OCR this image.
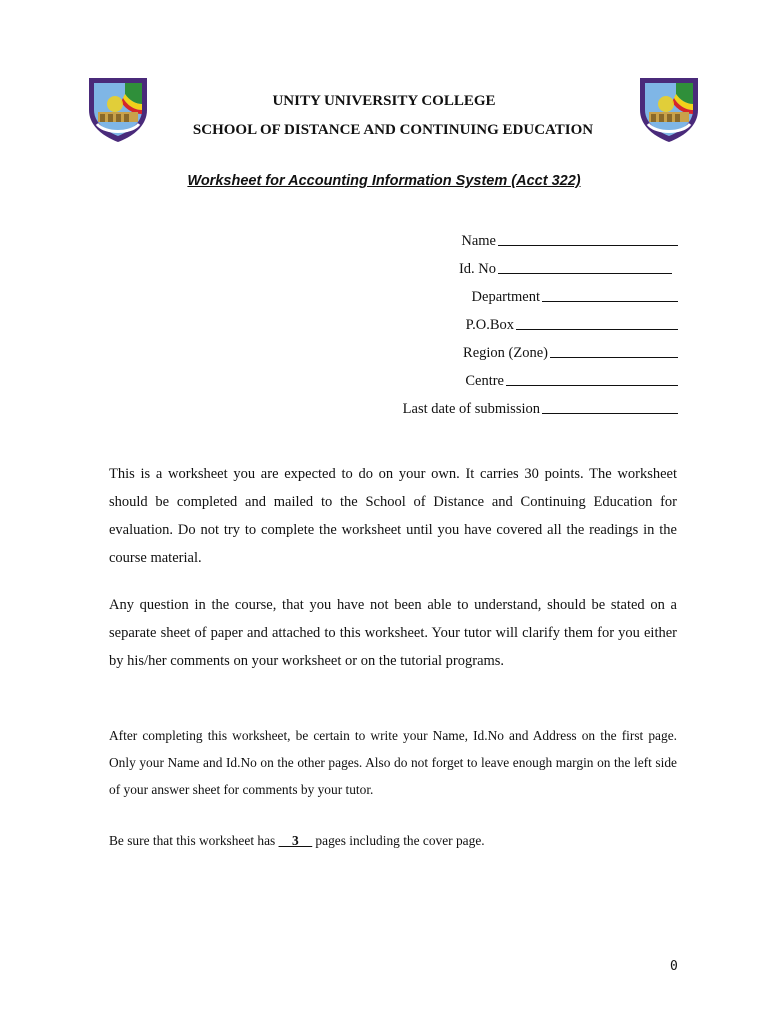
UNITY UNIVERSITY COLLEGE
SCHOOL OF DISTANCE AND CONTINUING EDUCATION
Worksheet for Accounting Information System (Acct 322)
Name
Id. No
Department
P.O.Box
Region (Zone)
Centre
Last date of submission

This is a worksheet you are expected to do on your own. It carries 30 points. The worksheet should be completed and mailed to the School of Distance and Continuing Education for evaluation. Do not try to complete the worksheet until you have covered all the readings in the course material.

Any question in the course, that you have not been able to understand, should be stated on a separate sheet of paper and attached to this worksheet. Your tutor will clarify them for you either by his/her comments on your worksheet or on the tutorial programs.

After completing this worksheet, be certain to write your Name, Id.No and Address on the first page. Only your Name and Id.No on the other pages. Also do not forget to leave enough margin on the left side of your answer sheet for comments by your tutor.

Be sure that this worksheet has __3__ pages including the cover page.
0
